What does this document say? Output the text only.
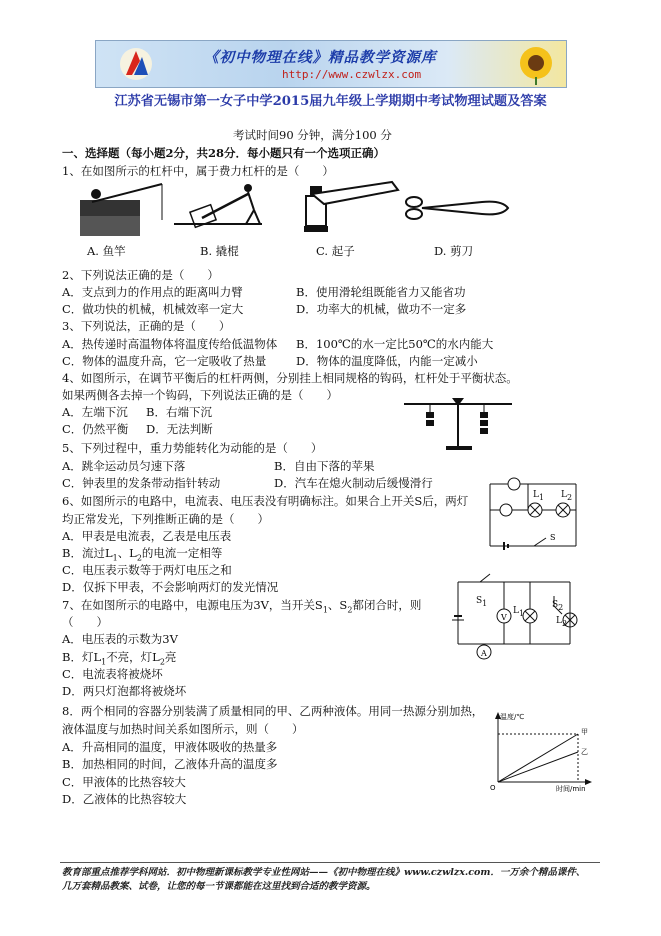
《初中物理在线》精品教学资源库
http://www.czwlzx.com
江苏省无锡市第一女子中学2015届九年级上学期期中考试物理试题及答案
考试时间90 分钟，满分100 分
一、选择题（每小题2分，共28分．每小题只有一个选项正确）
1、在如图所示的杠杆中，属于费力杠杆的是（　　）
A. 鱼竿	B. 撬棍	C. 起子	D. 剪刀
2、下列说法正确的是（　　）
A．支点到力的作用点的距离叫力臂	B．使用滑轮组既能省力又能省功
C．做功快的机械，机械效率一定大	D．功率大的机械，做功不一定多
3、下列说法，正确的是（　　）
A．热传递时高温物体将温度传给低温物体 B．100℃的水一定比50℃的水内能大
C．物体的温度升高，它一定吸收了热量	D．物体的温度降低，内能一定减小
4、如图所示，在调节平衡后的杠杆两侧，分别挂上相同规格的钩码，杠杆处于平衡状态。
如果两侧各去掉一个钩码，下列说法正确的是（　　）
A．左端下沉 B．右端下沉
C．仍然平衡 D．无法判断
5、下列过程中，重力势能转化为动能的是（　　）
A．跳伞运动员匀速下落	B．自由下落的苹果
C．钟表里的发条带动指针转动	D．汽车在熄火制动后缓慢滑行
6、如图所示的电路中，电流表、电压表没有明确标注。如果合上开关S后，两灯
均正常发光，下列推断正确的是（　　）
A．甲表是电流表，乙表是电压表
B．流过$L_1$、$L_2$的电流一定相等
C．电压表示数等于两灯电压之和
D．仅拆下甲表，不会影响两灯的发光情况
S
$L_1$ $L_2$
7、在如图所示的电路中，电源电压为3V，当开关$S_1$、$S_2$都闭合时，则
（　　）
A．电压表的示数为3V
B．灯$L_1$不亮，灯$L_2$亮
C．电流表将被烧坏
D．两只灯泡都将被烧坏
A
V
$S_1$	$S_2$
$L_1$
$L_2$
8．两个相同的容器分别装满了质量相同的甲、乙两种液体。用同一热源分别加热，
液体温度与加热时间关系如图所示，则（　　）
A．升高相同的温度，甲液体吸收的热量多
B．加热相同的时间，乙液体升高的温度多
C．甲液体的比热容较大
D．乙液体的比热容较大
温度/℃
时间/min
O
甲
乙
教育部重点推荐学科网站．初中物理新课标教学专业性网站——《初中物理在线》www.czwlzx.com．一万余个精品课件、
几万套精品教案、试卷，让您的每一节课都能在这里找到合适的教学资源。
